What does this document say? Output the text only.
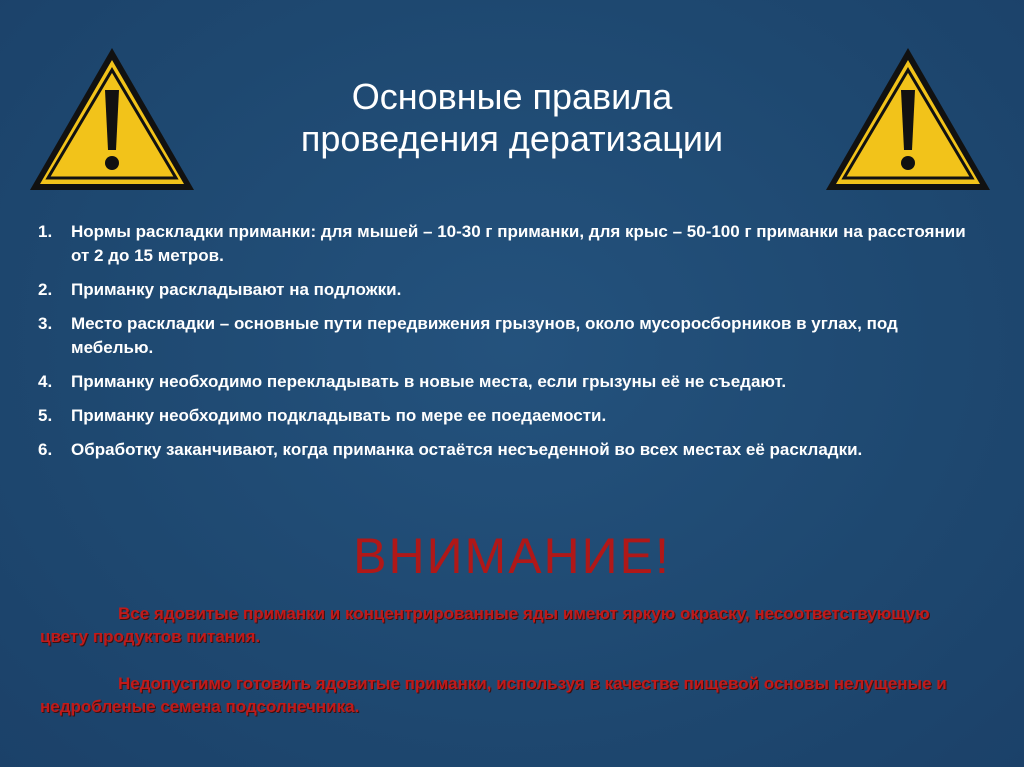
Основные правила
проведения дератизации
1. Нормы раскладки приманки: для мышей – 10-30 г приманки, для крыс – 50-100 г приманки на расстоянии от 2 до 15 метров.
2. Приманку раскладывают на подложки.
3. Место раскладки – основные пути передвижения грызунов, около мусоросборников в углах, под мебелью.
4. Приманку необходимо перекладывать в новые места, если грызуны её не съедают.
5. Приманку необходимо подкладывать по мере ее поедаемости.
6. Обработку заканчивают, когда приманка остаётся несъеденной во всех местах её раскладки.
ВНИМАНИЕ!

Все ядовитые приманки и концентрированные яды имеют яркую окраску, несоответствующую цвету продуктов питания.

Недопустимо готовить ядовитые приманки, используя в качестве пищевой основы нелущеные и недробленые семена подсолнечника.
